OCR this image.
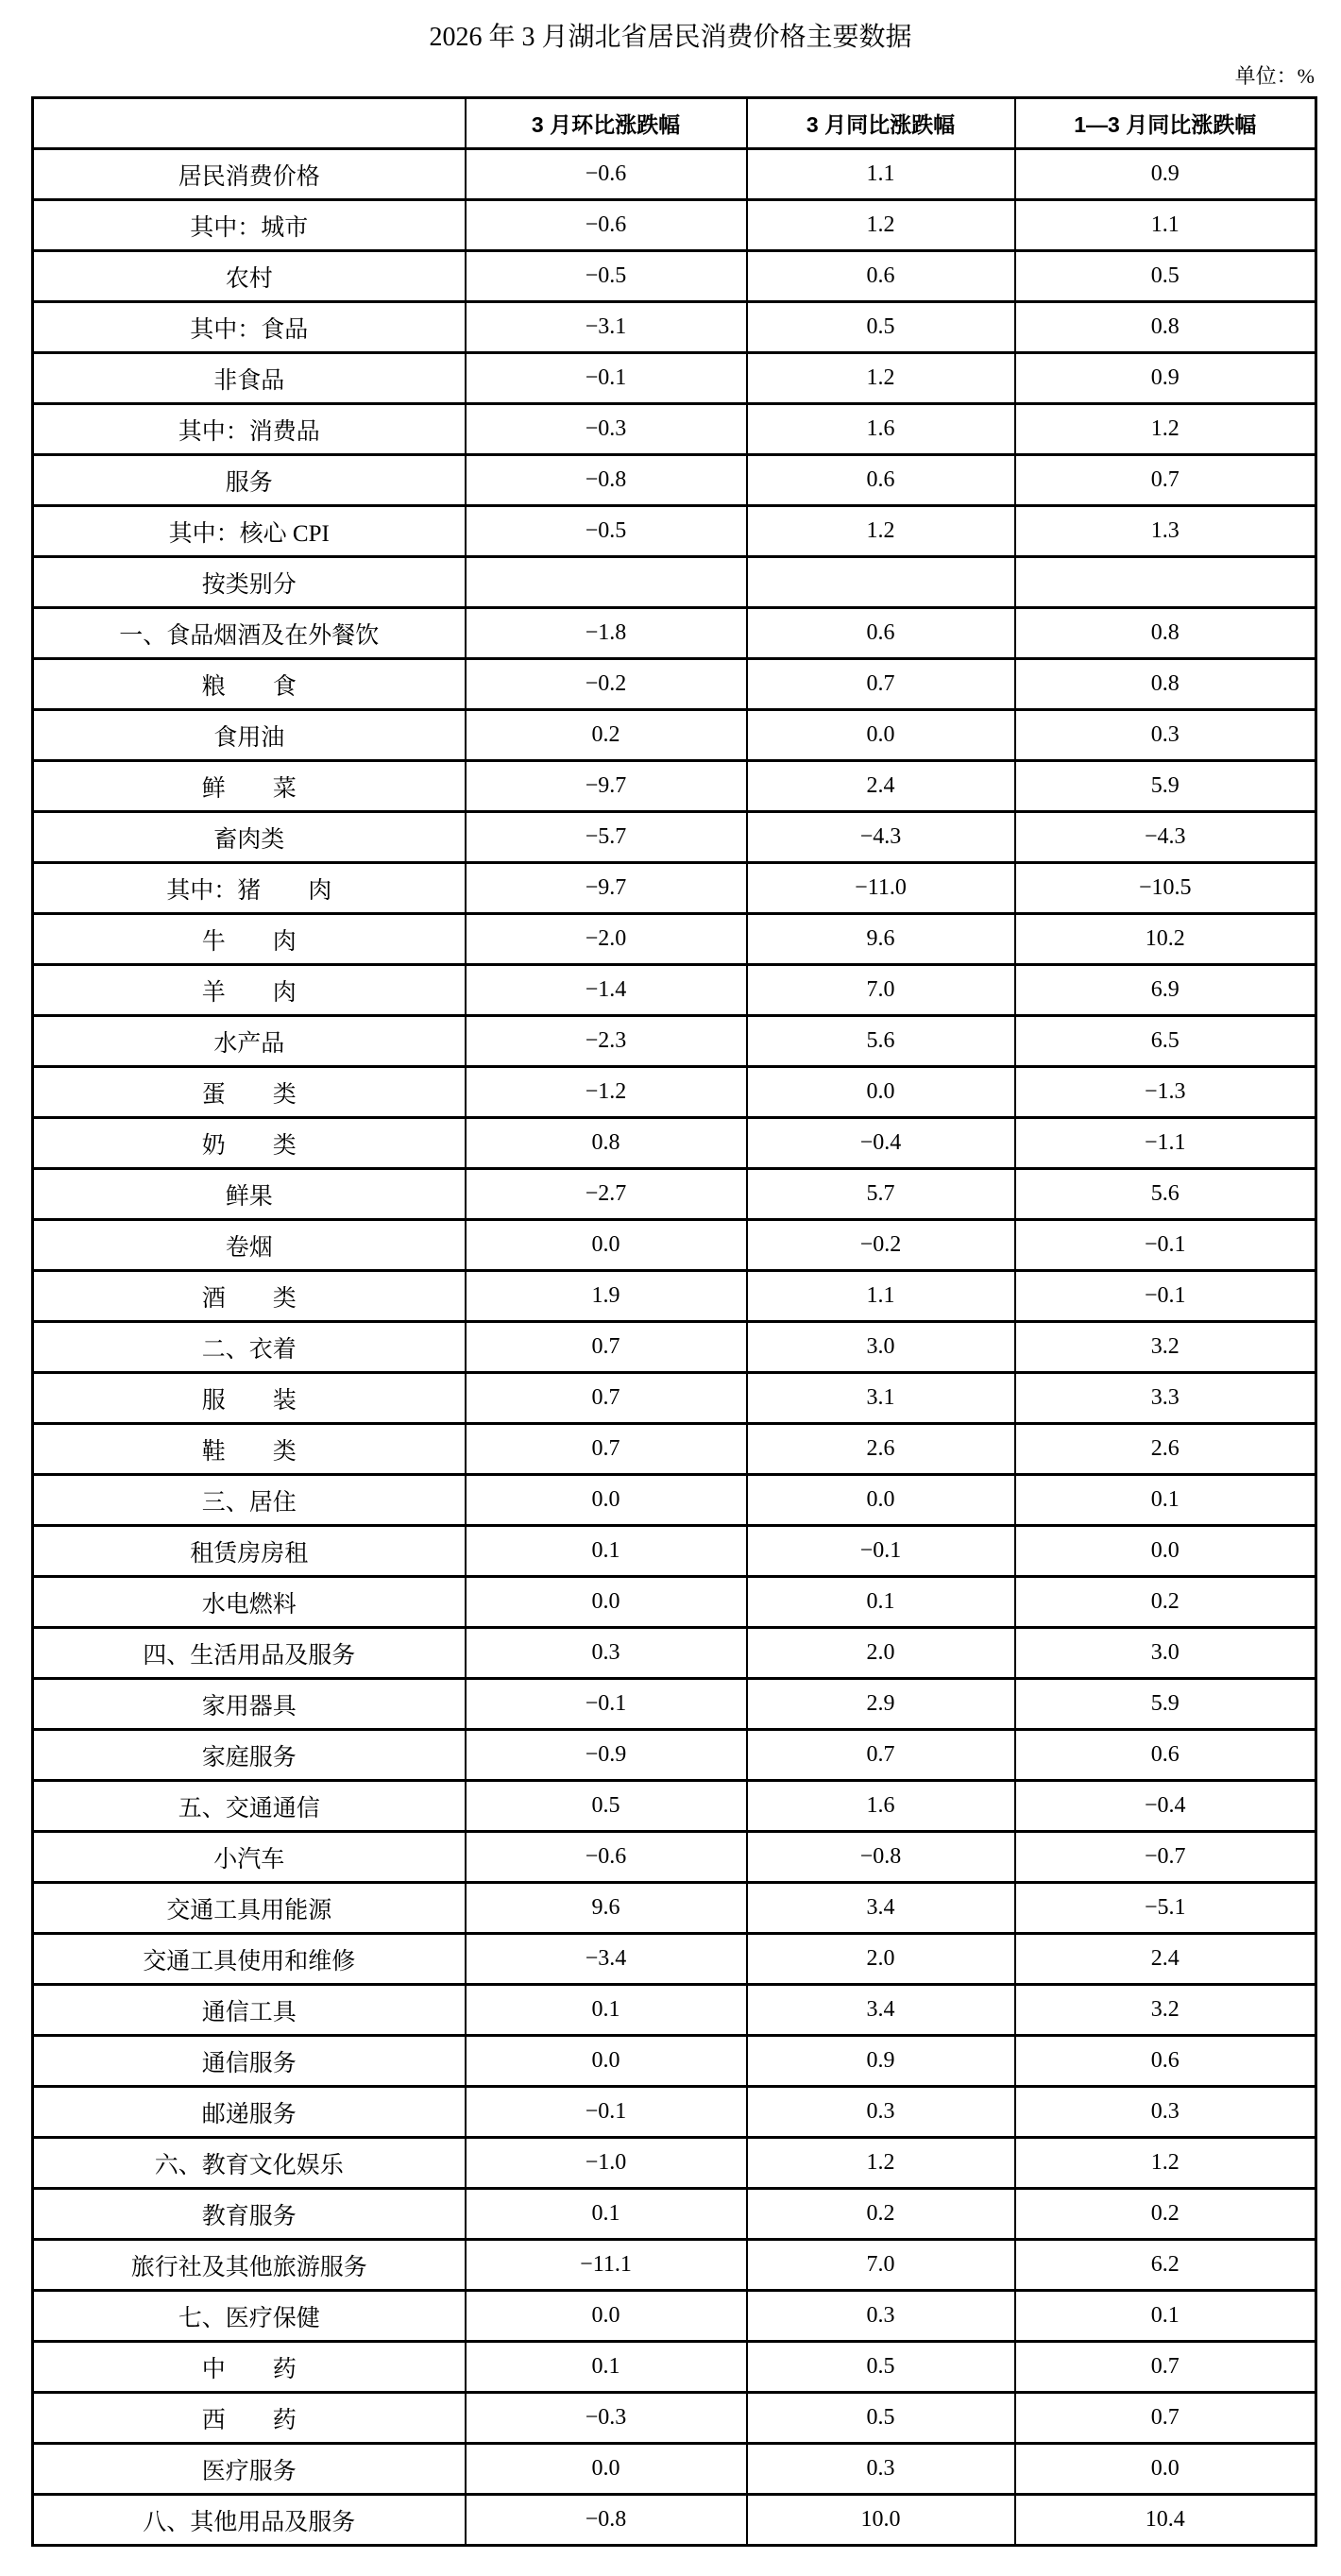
2026 年 3 月湖北省居民消费价格主要数据
单位：%
	3 月环比涨跌幅	3 月同比涨跌幅	1—3 月同比涨跌幅
居民消费价格	−0.6	1.1	0.9
其中：城市	−0.6	1.2	1.1
农村	−0.5	0.6	0.5
其中：食品	−3.1	0.5	0.8
非食品	−0.1	1.2	0.9
其中：消费品	−0.3	1.6	1.2
服务	−0.8	0.6	0.7
其中：核心 CPI	−0.5	1.2	1.3
按类别分			
一、食品烟酒及在外餐饮	−1.8	0.6	0.8
粮　　食	−0.2	0.7	0.8
食用油	0.2	0.0	0.3
鲜　　菜	−9.7	2.4	5.9
畜肉类	−5.7	−4.3	−4.3
其中：猪　　肉	−9.7	−11.0	−10.5
牛　　肉	−2.0	9.6	10.2
羊　　肉	−1.4	7.0	6.9
水产品	−2.3	5.6	6.5
蛋　　类	−1.2	0.0	−1.3
奶　　类	0.8	−0.4	−1.1
鲜果	−2.7	5.7	5.6
卷烟	0.0	−0.2	−0.1
酒　　类	1.9	1.1	−0.1
二、衣着	0.7	3.0	3.2
服　　装	0.7	3.1	3.3
鞋　　类	0.7	2.6	2.6
三、居住	0.0	0.0	0.1
租赁房房租	0.1	−0.1	0.0
水电燃料	0.0	0.1	0.2
四、生活用品及服务	0.3	2.0	3.0
家用器具	−0.1	2.9	5.9
家庭服务	−0.9	0.7	0.6
五、交通通信	0.5	1.6	−0.4
小汽车	−0.6	−0.8	−0.7
交通工具用能源	9.6	3.4	−5.1
交通工具使用和维修	−3.4	2.0	2.4
通信工具	0.1	3.4	3.2
通信服务	0.0	0.9	0.6
邮递服务	−0.1	0.3	0.3
六、教育文化娱乐	−1.0	1.2	1.2
教育服务	0.1	0.2	0.2
旅行社及其他旅游服务	−11.1	7.0	6.2
七、医疗保健	0.0	0.3	0.1
中　　药	0.1	0.5	0.7
西　　药	−0.3	0.5	0.7
医疗服务	0.0	0.3	0.0
八、其他用品及服务	−0.8	10.0	10.4
